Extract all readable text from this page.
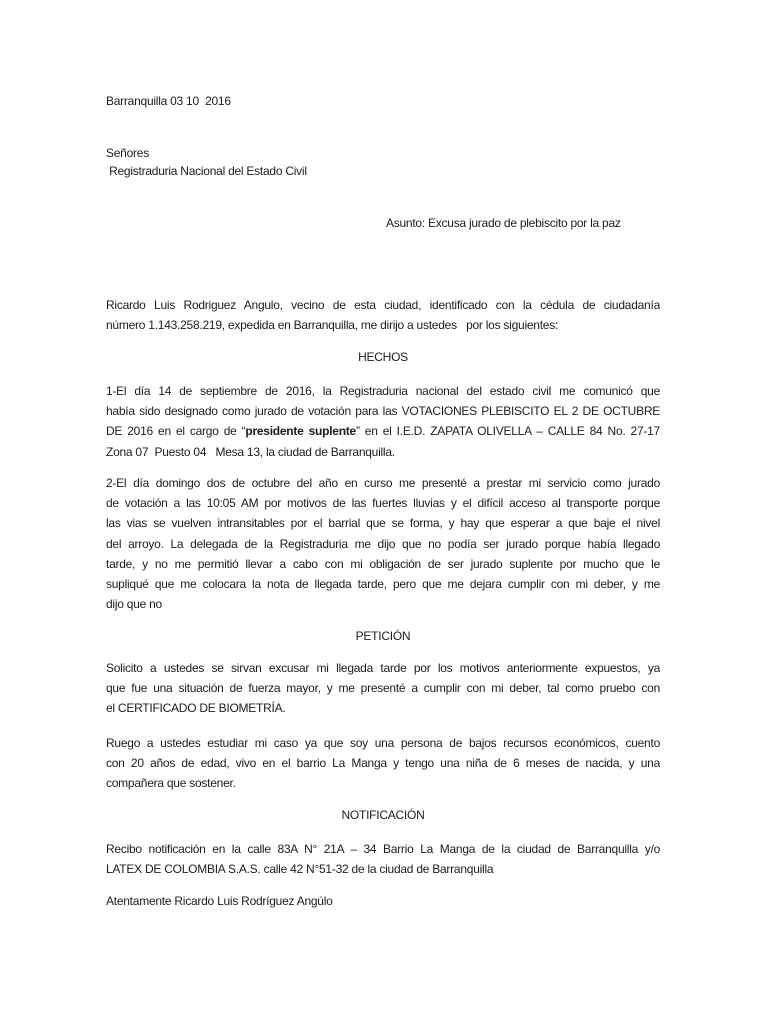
Barranquilla 03 10  2016
Señores
Registraduria Nacional del Estado Civil
Asunto: Excusa jurado de plebiscito por la paz
Ricardo Luis Rodriguez Angulo, vecino de esta ciudad, identificado con la cédula de ciudadanía
número 1.143.258.219, expedida en Barranquilla, me dirijo a ustedes   por los siguientes:
HECHOS
1-El día 14 de septiembre de 2016, la Registraduria nacional del estado civil me comunicó que
había sido designado como jurado de votación para las VOTACIONES PLEBISCITO EL 2 DE OCTUBRE
DE 2016 en el cargo de “presidente suplente” en el I.E.D. ZAPATA OLIVELLA – CALLE 84 No. 27-17
Zona 07  Puesto 04   Mesa 13, la ciudad de Barranquilla.
2-El día domingo dos de octubre del año en curso me presenté a prestar mi servicio como jurado
de votación a las 10:05 AM por motivos de las fuertes lluvias y el difícil acceso al transporte porque
las vias se vuelven intransitables por el barrial que se forma, y hay que esperar a que baje el nivel
del arroyo. La delegada de la Registraduria me dijo que no podía ser jurado porque había llegado
tarde, y no me permitió llevar a cabo con mi obligación de ser jurado suplente por mucho que le
supliqué que me colocara la nota de llegada tarde, pero que me dejara cumplir con mi deber, y me
dijo que no
PETICIÓN
Solicito a ustedes se sirvan excusar mi llegada tarde por los motivos anteriormente expuestos, ya
que fue una situación de fuerza mayor, y me presenté a cumplir con mi deber, tal como pruebo con
el CERTIFICADO DE BIOMETRÍA.
Ruego a ustedes estudiar mi caso ya que soy una persona de bajos recursos económicos, cuento
con 20 años de edad, vivo en el barrio La Manga y tengo una niña de 6 meses de nacida, y una
compañera que sostener.
NOTIFICACIÓN
Recibo notificación en la calle 83A N° 21A – 34 Barrio La Manga de la ciudad de Barranquilla y/o
LATEX DE COLOMBIA S.A.S. calle 42 N°51-32 de la ciudad de Barranquilla
Atentamente Ricardo Luis Rodríguez Angúlo
